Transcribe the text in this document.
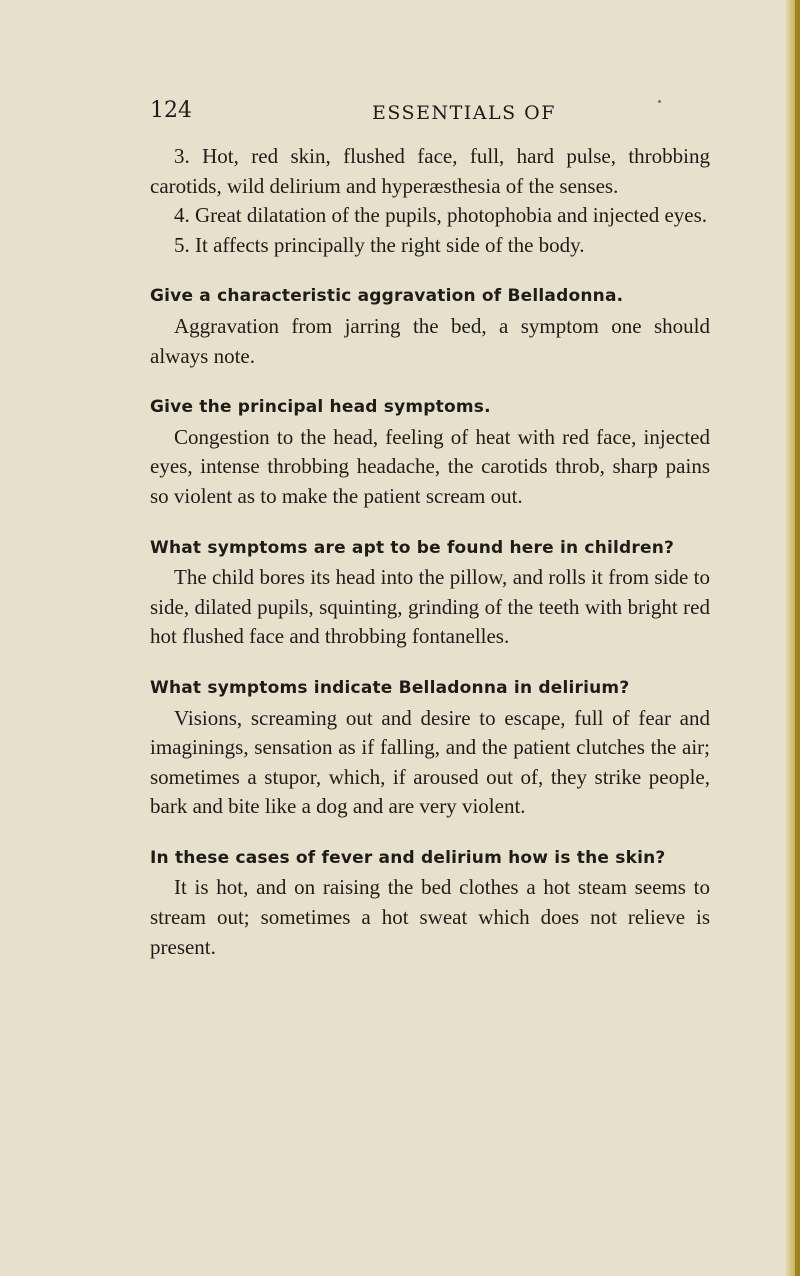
124	ESSENTIALS OF

3. Hot, red skin, flushed face, full, hard pulse, throbbing carotids, wild delirium and hyperæsthesia of the senses.

4. Great dilatation of the pupils, photophobia and injected eyes.

5. It affects principally the right side of the body.

Give a characteristic aggravation of Belladonna.

Aggravation from jarring the bed, a symptom one should always note.

Give the principal head symptoms.

Congestion to the head, feeling of heat with red face, injected eyes, intense throbbing headache, the carotids throb, sharp pains so violent as to make the patient scream out.

What symptoms are apt to be found here in children?

The child bores its head into the pillow, and rolls it from side to side, dilated pupils, squinting, grinding of the teeth with bright red hot flushed face and throbbing fontanelles.

What symptoms indicate Belladonna in delirium?

Visions, screaming out and desire to escape, full of fear and imaginings, sensation as if falling, and the patient clutches the air; sometimes a stupor, which, if aroused out of, they strike people, bark and bite like a dog and are very violent.

In these cases of fever and delirium how is the skin?

It is hot, and on raising the bed clothes a hot steam seems to stream out; sometimes a hot sweat which does not relieve is present.
